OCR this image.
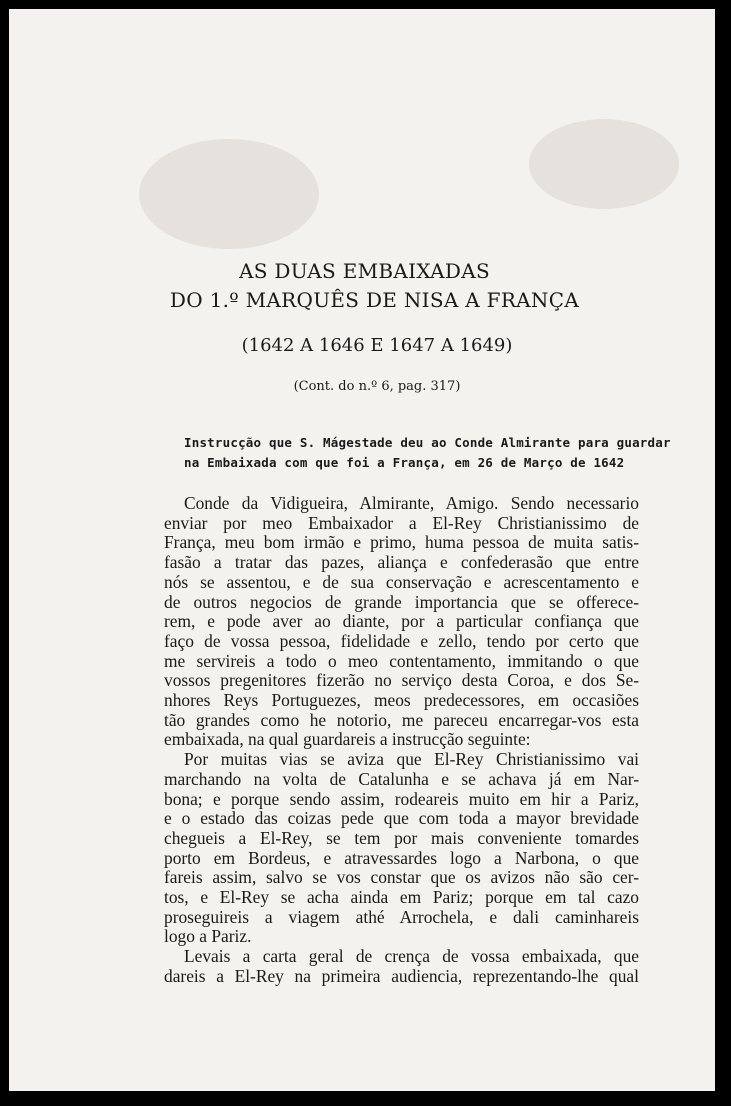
AS DUAS EMBAIXADAS
DO 1.º MARQUÊS DE NISA A FRANÇA
(1642 A 1646 E 1647 A 1649)
(Cont. do n.º 6, pag. 317)
Instrucção que S. Mágestade deu ao Conde Almirante para guardar
na Embaixada com que foi a França, em 26 de Março de 1642
Conde da Vidigueira, Almirante, Amigo. Sendo necessario
enviar por meo Embaixador a El-Rey Christianissimo de
França, meu bom irmão e primo, huma pessoa de muita satis-
fasão a tratar das pazes, aliança e confederasão que entre
nós se assentou, e de sua conservação e acrescentamento e
de outros negocios de grande importancia que se offerece-
rem, e pode aver ao diante, por a particular confiança que
faço de vossa pessoa, fidelidade e zello, tendo por certo que
me servireis a todo o meo contentamento, immitando o que
vossos pregenitores fizerão no serviço desta Coroa, e dos Se-
nhores Reys Portuguezes, meos predecessores, em occasiões
tão grandes como he notorio, me pareceu encarregar-vos esta
embaixada, na qual guardareis a instrucção seguinte:
Por muitas vias se aviza que El-Rey Christianissimo vai
marchando na volta de Catalunha e se achava já em Nar-
bona; e porque sendo assim, rodeareis muito em hir a Pariz,
e o estado das coizas pede que com toda a mayor brevidade
chegueis a El-Rey, se tem por mais conveniente tomardes
porto em Bordeus, e atravessardes logo a Narbona, o que
fareis assim, salvo se vos constar que os avizos não são cer-
tos, e El-Rey se acha ainda em Pariz; porque em tal cazo
proseguireis a viagem athé Arrochela, e dali caminhareis
logo a Pariz.
Levais a carta geral de crença de vossa embaixada, que
dareis a El-Rey na primeira audiencia, reprezentando-lhe qual
